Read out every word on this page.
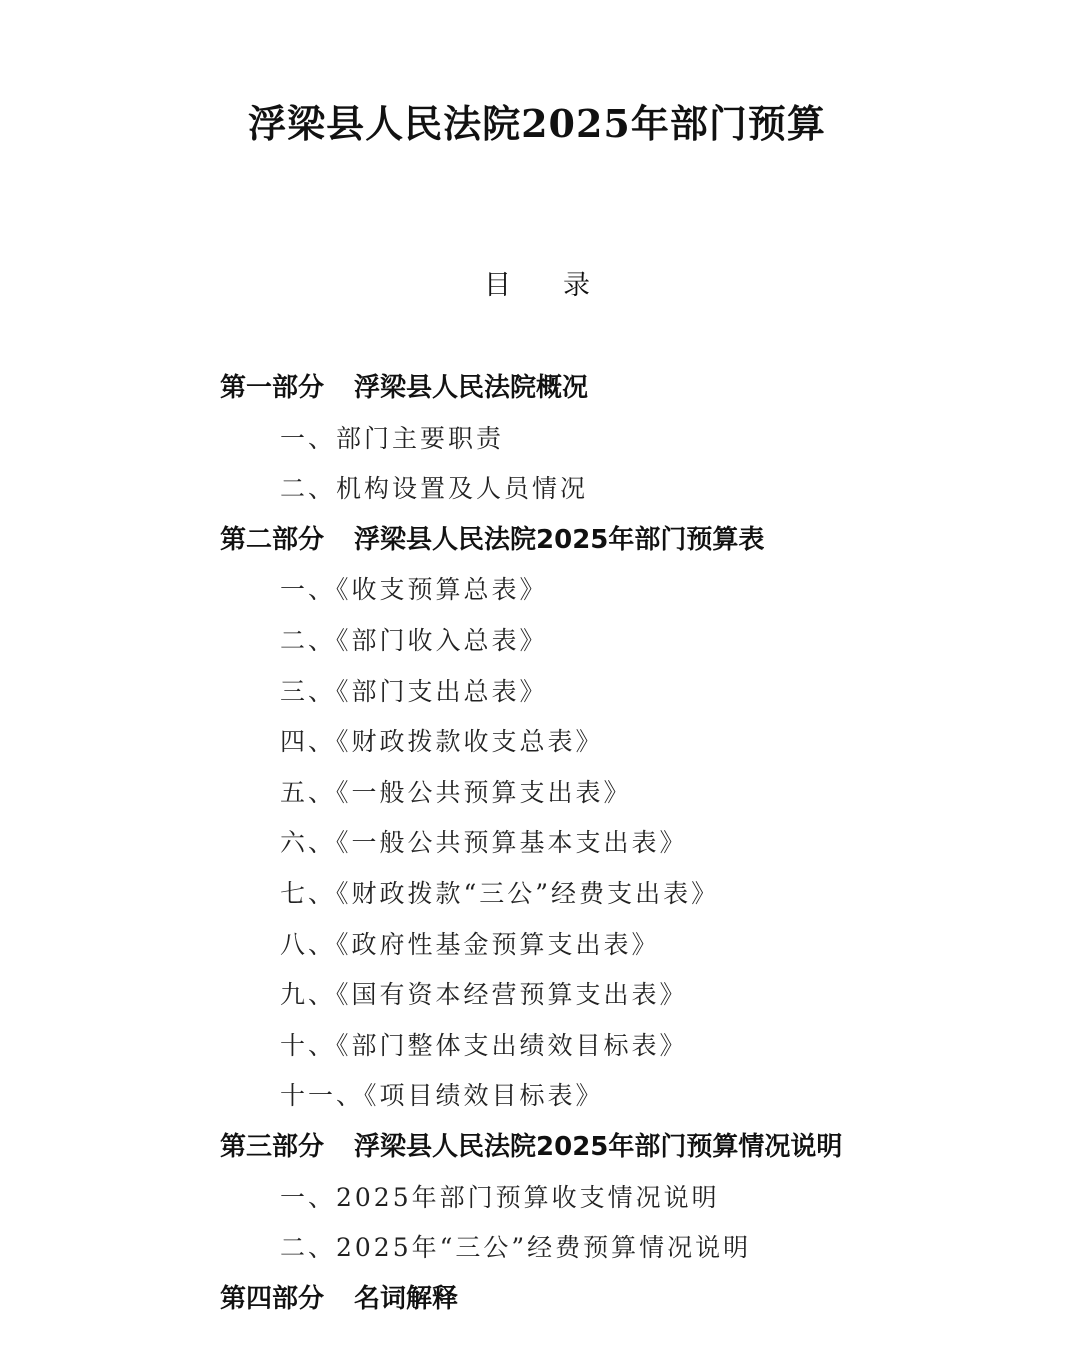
浮梁县人民法院2025年部门预算
目 录
第一部分 浮梁县人民法院概况
一、部门主要职责
二、机构设置及人员情况
第二部分 浮梁县人民法院2025年部门预算表
一、《收支预算总表》
二、《部门收入总表》
三、《部门支出总表》
四、《财政拨款收支总表》
五、《一般公共预算支出表》
六、《一般公共预算基本支出表》
七、《财政拨款“三公”经费支出表》
八、《政府性基金预算支出表》
九、《国有资本经营预算支出表》
十、《部门整体支出绩效目标表》
十一、《项目绩效目标表》
第三部分 浮梁县人民法院2025年部门预算情况说明
一、2025年部门预算收支情况说明
二、2025年“三公”经费预算情况说明
第四部分 名词解释
